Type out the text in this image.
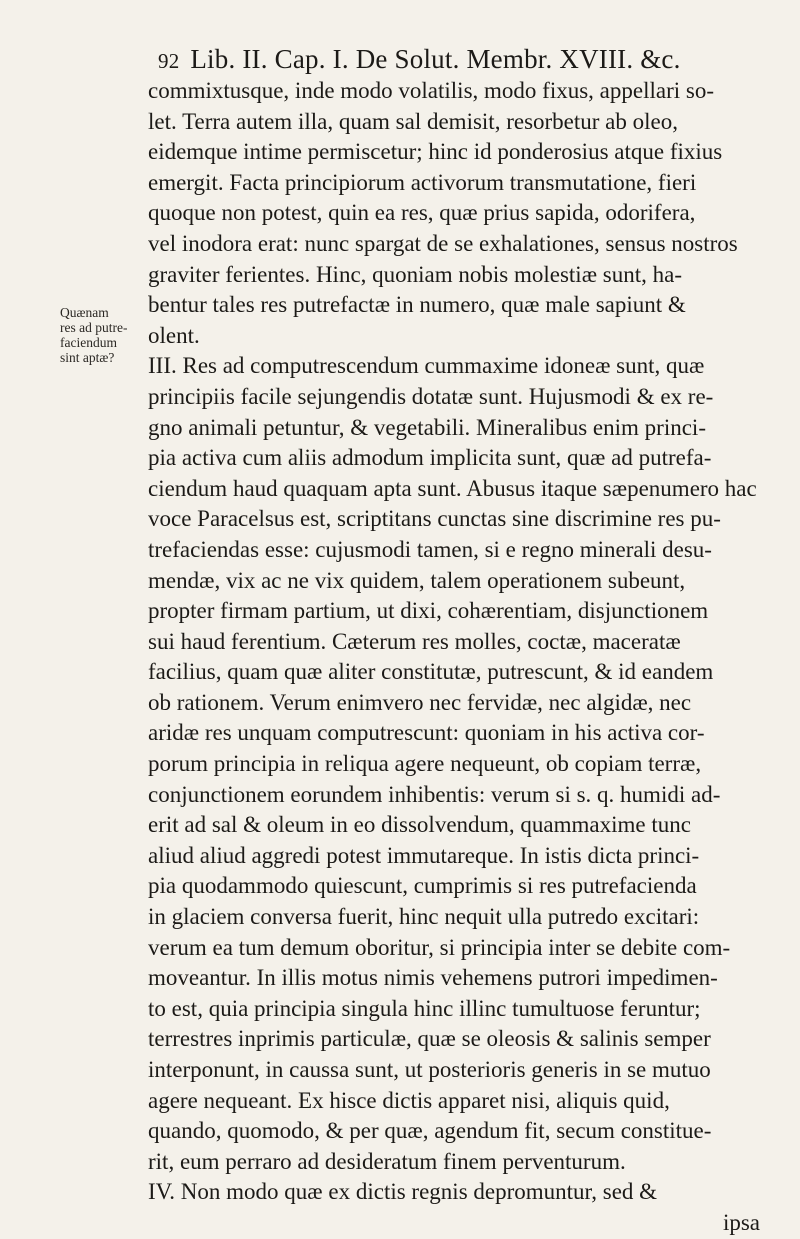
92 Lib. II. Cap. I. De Solut. Membr. XVIII. &c.
Quænam
res ad putre-
faciendum
sint aptæ?
commixtusque, inde modo volatilis, modo fixus, appellari so-
let. Terra autem illa, quam sal demisit, resorbetur ab oleo,
eidemque intime permiscetur; hinc id ponderosius atque fixius
emergit. Facta principiorum activorum transmutatione, fieri
quoque non potest, quin ea res, quæ prius sapida, odorifera,
vel inodora erat: nunc spargat de se exhalationes, sensus nostros
graviter ferientes. Hinc, quoniam nobis molestiæ sunt, ha-
bentur tales res putrefactæ in numero, quæ male sapiunt &
olent.
III. Res ad computrescendum cummaxime idoneæ sunt, quæ
principiis facile sejungendis dotatæ sunt. Hujusmodi & ex re-
gno animali petuntur, & vegetabili. Mineralibus enim princi-
pia activa cum aliis admodum implicita sunt, quæ ad putrefa-
ciendum haud quaquam apta sunt. Abusus itaque sæpenumero hac
voce Paracelsus est, scriptitans cunctas sine discrimine res pu-
trefaciendas esse: cujusmodi tamen, si e regno minerali desu-
mendæ, vix ac ne vix quidem, talem operationem subeunt,
propter firmam partium, ut dixi, cohærentiam, disjunctionem
sui haud ferentium. Cæterum res molles, coctæ, maceratæ
facilius, quam quæ aliter constitutæ, putrescunt, & id eandem
ob rationem. Verum enimvero nec fervidæ, nec algidæ, nec
aridæ res unquam computrescunt: quoniam in his activa cor-
porum principia in reliqua agere nequeunt, ob copiam terræ,
conjunctionem eorundem inhibentis: verum si s. q. humidi ad-
erit ad sal & oleum in eo dissolvendum, quammaxime tunc
aliud aliud aggredi potest immutareque. In istis dicta princi-
pia quodammodo quiescunt, cumprimis si res putrefacienda
in glaciem conversa fuerit, hinc nequit ulla putredo excitari:
verum ea tum demum oboritur, si principia inter se debite com-
moveantur. In illis motus nimis vehemens putrori impedimen-
to est, quia principia singula hinc illinc tumultuose feruntur;
terrestres inprimis particulæ, quæ se oleosis & salinis semper
interponunt, in caussa sunt, ut posterioris generis in se mutuo
agere nequeant. Ex hisce dictis apparet nisi, aliquis quid,
quando, quomodo, & per quæ, agendum fit, secum constitue-
rit, eum perraro ad desideratum finem perventurum.
IV. Non modo quæ ex dictis regnis depromuntur, sed &
ipsa
